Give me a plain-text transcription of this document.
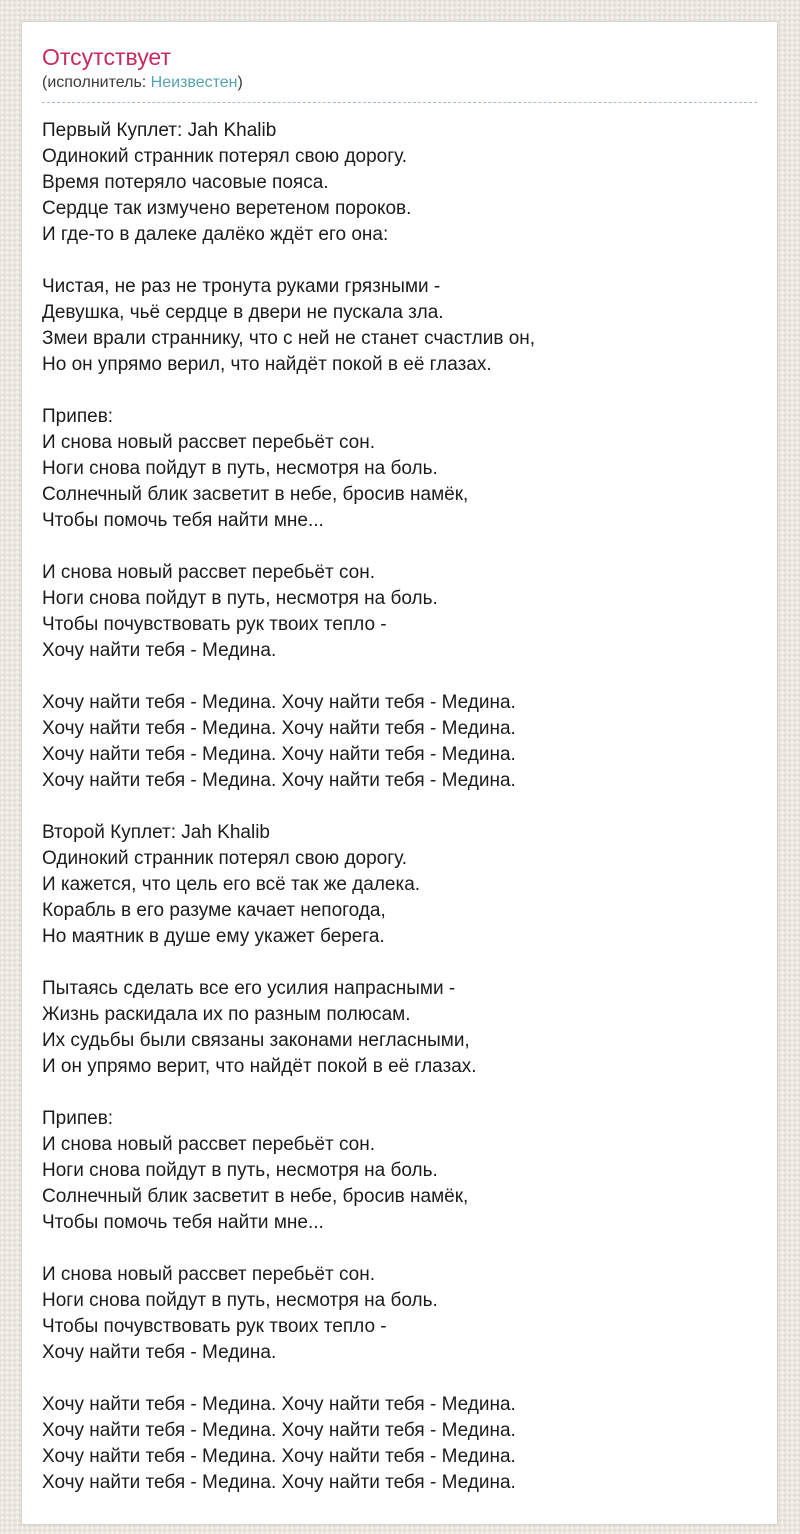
Отсутствует
(исполнитель: Неизвестен)
Первый Куплет: Jah Khalib
Одинокий странник потерял свою дорогу.
Время потеряло часовые пояса.
Сердце так измучено веретеном пороков.
И где-то в далеке далёко ждёт его она:
Чистая, не раз не тронута руками грязными -
Девушка, чьё сердце в двери не пускала зла.
Змеи врали страннику, что с ней не станет счастлив он,
Но он упрямо верил, что найдёт покой в её глазах.
Припев:
И снова новый рассвет перебьёт сон.
Ноги снова пойдут в путь, несмотря на боль.
Солнечный блик засветит в небе, бросив намёк,
Чтобы помочь тебя найти мне...
И снова новый рассвет перебьёт сон.
Ноги снова пойдут в путь, несмотря на боль.
Чтобы почувствовать рук твоих тепло -
Хочу найти тебя - Медина.
Хочу найти тебя - Медина. Хочу найти тебя - Медина.
Хочу найти тебя - Медина. Хочу найти тебя - Медина.
Хочу найти тебя - Медина. Хочу найти тебя - Медина.
Хочу найти тебя - Медина. Хочу найти тебя - Медина.
Второй Куплет: Jah Khalib
Одинокий странник потерял свою дорогу.
И кажется, что цель его всё так же далека.
Корабль в его разуме качает непогода,
Но маятник в душе ему укажет берега.
Пытаясь сделать все его усилия напрасными -
Жизнь раскидала их по разным полюсам.
Их судьбы были связаны законами негласными,
И он упрямо верит, что найдёт покой в её глазах.
Припев:
И снова новый рассвет перебьёт сон.
Ноги снова пойдут в путь, несмотря на боль.
Солнечный блик засветит в небе, бросив намёк,
Чтобы помочь тебя найти мне...
И снова новый рассвет перебьёт сон.
Ноги снова пойдут в путь, несмотря на боль.
Чтобы почувствовать рук твоих тепло -
Хочу найти тебя - Медина.
Хочу найти тебя - Медина. Хочу найти тебя - Медина.
Хочу найти тебя - Медина. Хочу найти тебя - Медина.
Хочу найти тебя - Медина. Хочу найти тебя - Медина.
Хочу найти тебя - Медина. Хочу найти тебя - Медина.
